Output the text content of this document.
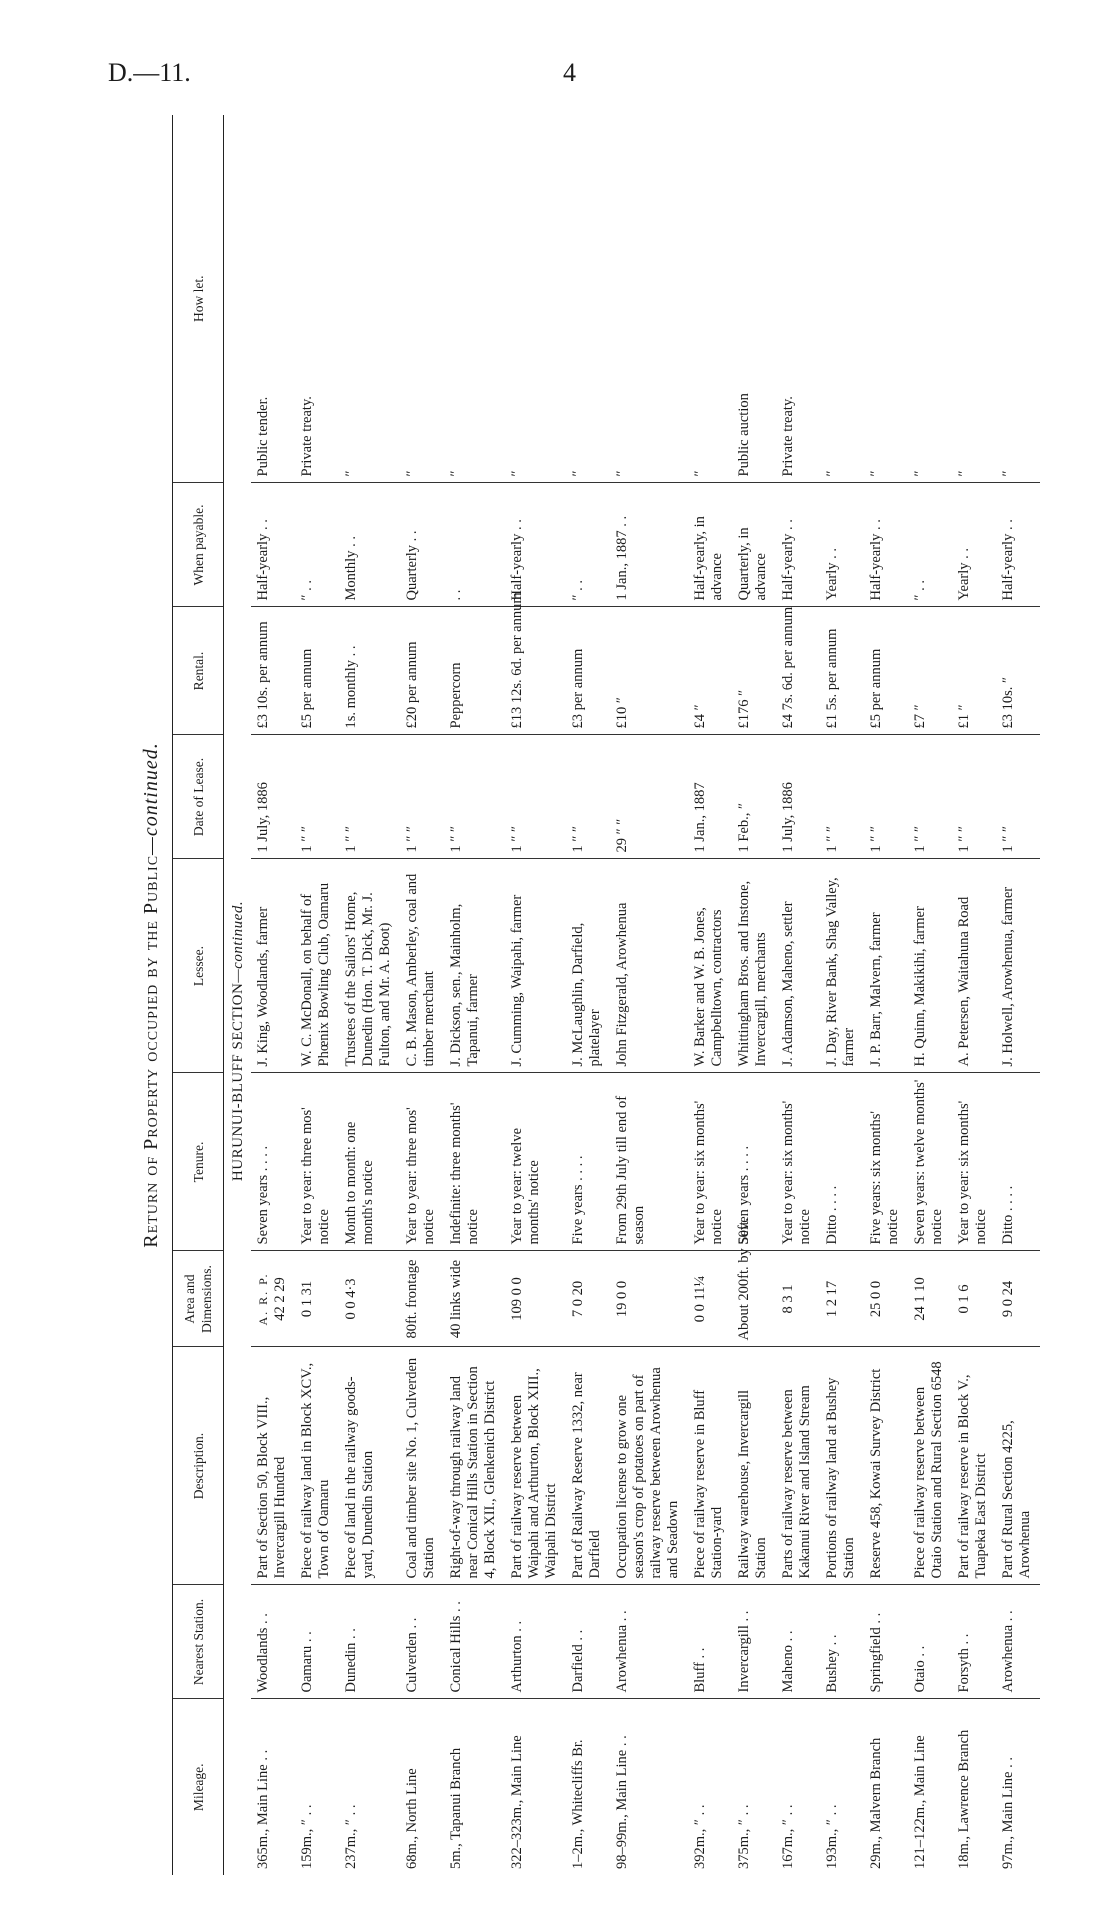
D.—11.	4
Return of Property occupied by the Public—continued.
Mileage.	Nearest Station.	Description.	Area and Dimensions.	Tenure.	Lessee.	Date of Lease.	Rental.	When payable.	How let.
			HURUNUI-BLUFF SECTION—continued.						
365m., Main Line . .	Woodlands . .	Part of Section 50, Block VIII., Invercargill Hundred	A. R. P. 42 2 29	Seven years . . . .	J. King, Woodlands, farmer	1 July, 1886	£3 10s. per annum	Half-yearly . .	Public tender.
159m., ″ . .	Oamaru . .	Piece of railway land in Block XCV., Town of Oamaru	0 1 31	Year to year: three mos' notice	W. C. McDonall, on behalf of Phœnix Bowling Club, Oamaru	1 ″ ″	£5 per annum	″ . .	Private treaty.
237m., ″ . .	Dunedin . .	Piece of land in the railway goods-yard, Dunedin Station	0 0 4·3	Month to month: one month's notice	Trustees of the Sailors' Home, Dunedin (Hon. T. Dick, Mr. J. Fulton, and Mr. A. Boot)	1 ″ ″	1s. monthly . .	Monthly . .	″
68m., North Line	Culverden . .	Coal and timber site No. 1, Culverden Station	80ft. frontage	Year to year: three mos' notice	C. B. Mason, Amberley, coal and timber merchant	1 ″ ″	£20 per annum	Quarterly . .	″
5m., Tapanui Branch	Conical Hills . .	Right-of-way through railway land near Conical Hills Station in Section 4, Block XII., Glenkenich District	40 links wide	Indefinite: three months' notice	J. Dickson, sen., Mainholm, Tapanui, farmer	1 ″ ″	Peppercorn	. .	″
322–323m., Main Line	Arthurton . .	Part of railway reserve between Waipahi and Arthurton, Block XIII., Waipahi District	109 0 0	Year to year: twelve months' notice	J. Cumming, Waipahi, farmer	1 ″ ″	£13 12s. 6d. per annum	Half-yearly . .	″
1–2m., Whitecliffs Br.	Darfield . .	Part of Railway Reserve 1332, near Darfield	7 0 20	Five years . . . .	J. McLaughlin, Darfield, platelayer	1 ″ ″	£3 per annum	″ . .	″
98–99m., Main Line . .	Arowhenua . .	Occupation license to grow one season's crop of potatoes on part of railway reserve between Arowhenua and Seadown	19 0 0	From 29th July till end of season	John Fitzgerald, Arowhenua	29 ″ ″	£10 ″	1 Jan., 1887 . .	″
392m., ″ . .	Bluff . .	Piece of railway reserve in Bluff Station-yard	0 0 11¼	Year to year: six months' notice	W. Barker and W. B. Jones, Campbelltown, contractors	1 Jan., 1887	£4 ″	Half-yearly, in advance	″
375m., ″ . .	Invercargill . .	Railway warehouse, Invercargill Station	About 200ft. by 50ft.	Seven years . . . .	Whittingham Bros. and Instone, Invercargill, merchants	1 Feb., ″	£176 ″	Quarterly, in advance	Public auction
167m., ″ . .	Maheno . .	Parts of railway reserve between Kakanui River and Island Stream	8 3 1	Year to year: six months' notice	J. Adamson, Maheno, settler	1 July, 1886	£4 7s. 6d. per annum	Half-yearly . .	Private treaty.
193m., ″ . .	Bushey . .	Portions of railway land at Bushey Station	1 2 17	Ditto . . . .	J. Day, River Bank, Shag Valley, farmer	1 ″ ″	£1 5s. per annum	Yearly . .	″
29m., Malvern Branch	Springfield . .	Reserve 458, Kowai Survey District	25 0 0	Five years: six months' notice	J. P. Barr, Malvern, farmer	1 ″ ″	£5 per annum	Half-yearly . .	″
121–122m., Main Line	Otaio . .	Piece of railway reserve between Otaio Station and Rural Section 6548	24 1 10	Seven years: twelve months' notice	H. Quinn, Makikihi, farmer	1 ″ ″	£7 ″	″ . .	″
18m., Lawrence Branch	Forsyth . .	Part of railway reserve in Block V., Tuapeka East District	0 1 6	Year to year: six months' notice	A. Petersen, Waitahuna Road	1 ″ ″	£1 ″	Yearly . .	″
97m., Main Line . .	Arowhenua . .	Part of Rural Section 4225, Arowhenua	9 0 24	Ditto . . . .	J. Holwell, Arowhenua, farmer	1 ″ ″	£3 10s. ″	Half-yearly . .	″
